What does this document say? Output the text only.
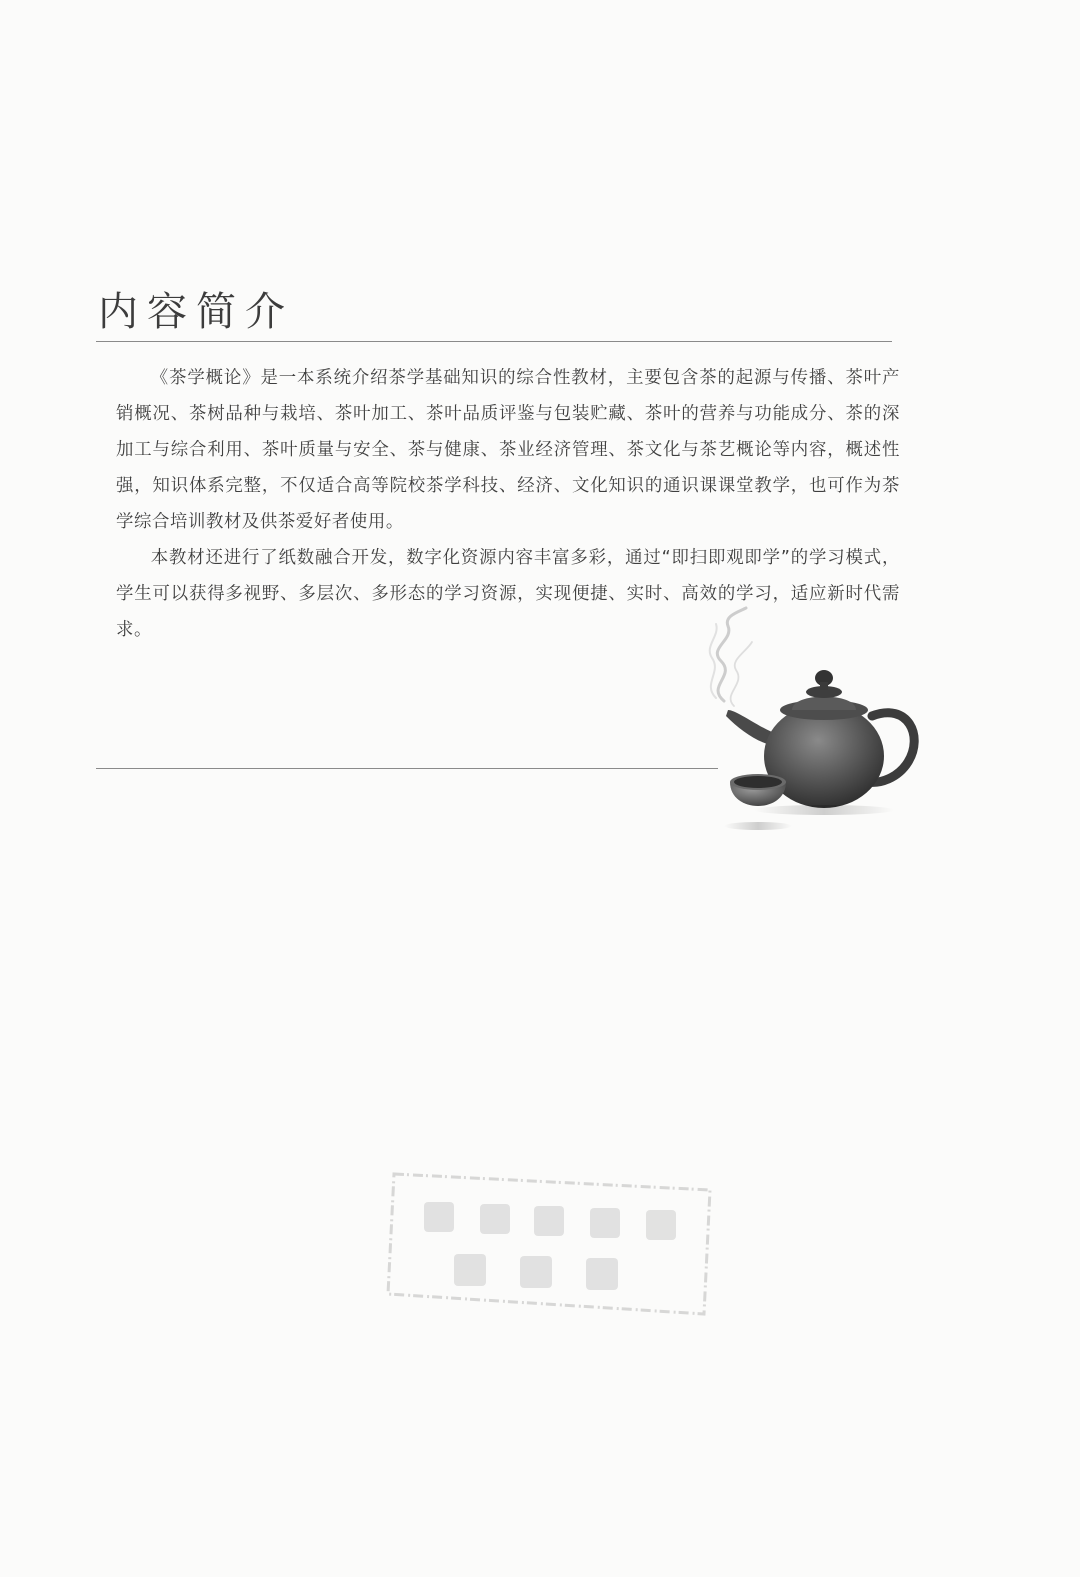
内容简介

《茶学概论》是一本系统介绍茶学基础知识的综合性教材，主要包含茶的起源与传播、茶叶产销概况、茶树品种与栽培、茶叶加工、茶叶品质评鉴与包装贮藏、茶叶的营养与功能成分、茶的深加工与综合利用、茶叶质量与安全、茶与健康、茶业经济管理、茶文化与茶艺概论等内容，概述性强，知识体系完整，不仅适合高等院校茶学科技、经济、文化知识的通识课课堂教学，也可作为茶学综合培训教材及供茶爱好者使用。

本教材还进行了纸数融合开发，数字化资源内容丰富多彩，通过“即扫即观即学”的学习模式，学生可以获得多视野、多层次、多形态的学习资源，实现便捷、实时、高效的学习，适应新时代需求。
